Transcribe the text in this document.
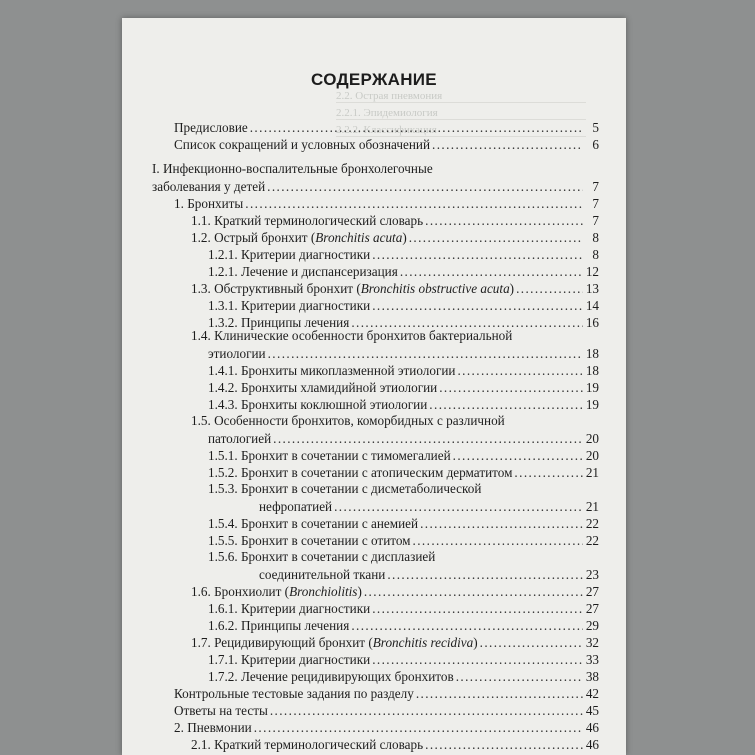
2.2. Острая пневмония
2.2.1. Эпидемиология
2.2.2. Классификация
СОДЕРЖАНИЕ
Предисловие .....	5
Список сокращений и условных обозначений .....	6
I. Инфекционно-воспалительные бронхолегочные
заболевания у детей .....	7
1. Бронхиты .....	7
1.1. Краткий терминологический словарь .....	7
1.2. Острый бронхит (Bronchitis acuta) .....	8
1.2.1. Критерии диагностики .....	8
1.2.1. Лечение и диспансеризация .....	12
1.3. Обструктивный бронхит (Bronchitis obstructive acuta) .....	13
1.3.1. Критерии диагностики .....	14
1.3.2. Принципы лечения .....	16
1.4. Клинические особенности бронхитов бактериальной
этиологии .....	18
1.4.1. Бронхиты микоплазменной этиологии .....	18
1.4.2. Бронхиты хламидийной этиологии .....	19
1.4.3. Бронхиты коклюшной этиологии .....	19
1.5. Особенности бронхитов, коморбидных с различной
патологией .....	20
1.5.1. Бронхит в сочетании с тимомегалией .....	20
1.5.2. Бронхит в сочетании с атопическим дерматитом .....	21
1.5.3. Бронхит в сочетании с дисметаболической
нефропатией .....	21
1.5.4. Бронхит в сочетании с анемией .....	22
1.5.5. Бронхит в сочетании с отитом .....	22
1.5.6. Бронхит в сочетании с дисплазией
соединительной ткани .....	23
1.6. Бронхиолит (Bronchiolitis) .....	27
1.6.1. Критерии диагностики .....	27
1.6.2. Принципы лечения .....	29
1.7. Рецидивирующий бронхит (Bronchitis recidiva) .....	32
1.7.1. Критерии диагностики .....	33
1.7.2. Лечение рецидивирующих бронхитов .....	38
Контрольные тестовые задания по разделу .....	42
Ответы на тесты .....	45
2. Пневмонии .....	46
2.1. Краткий терминологический словарь .....	46
